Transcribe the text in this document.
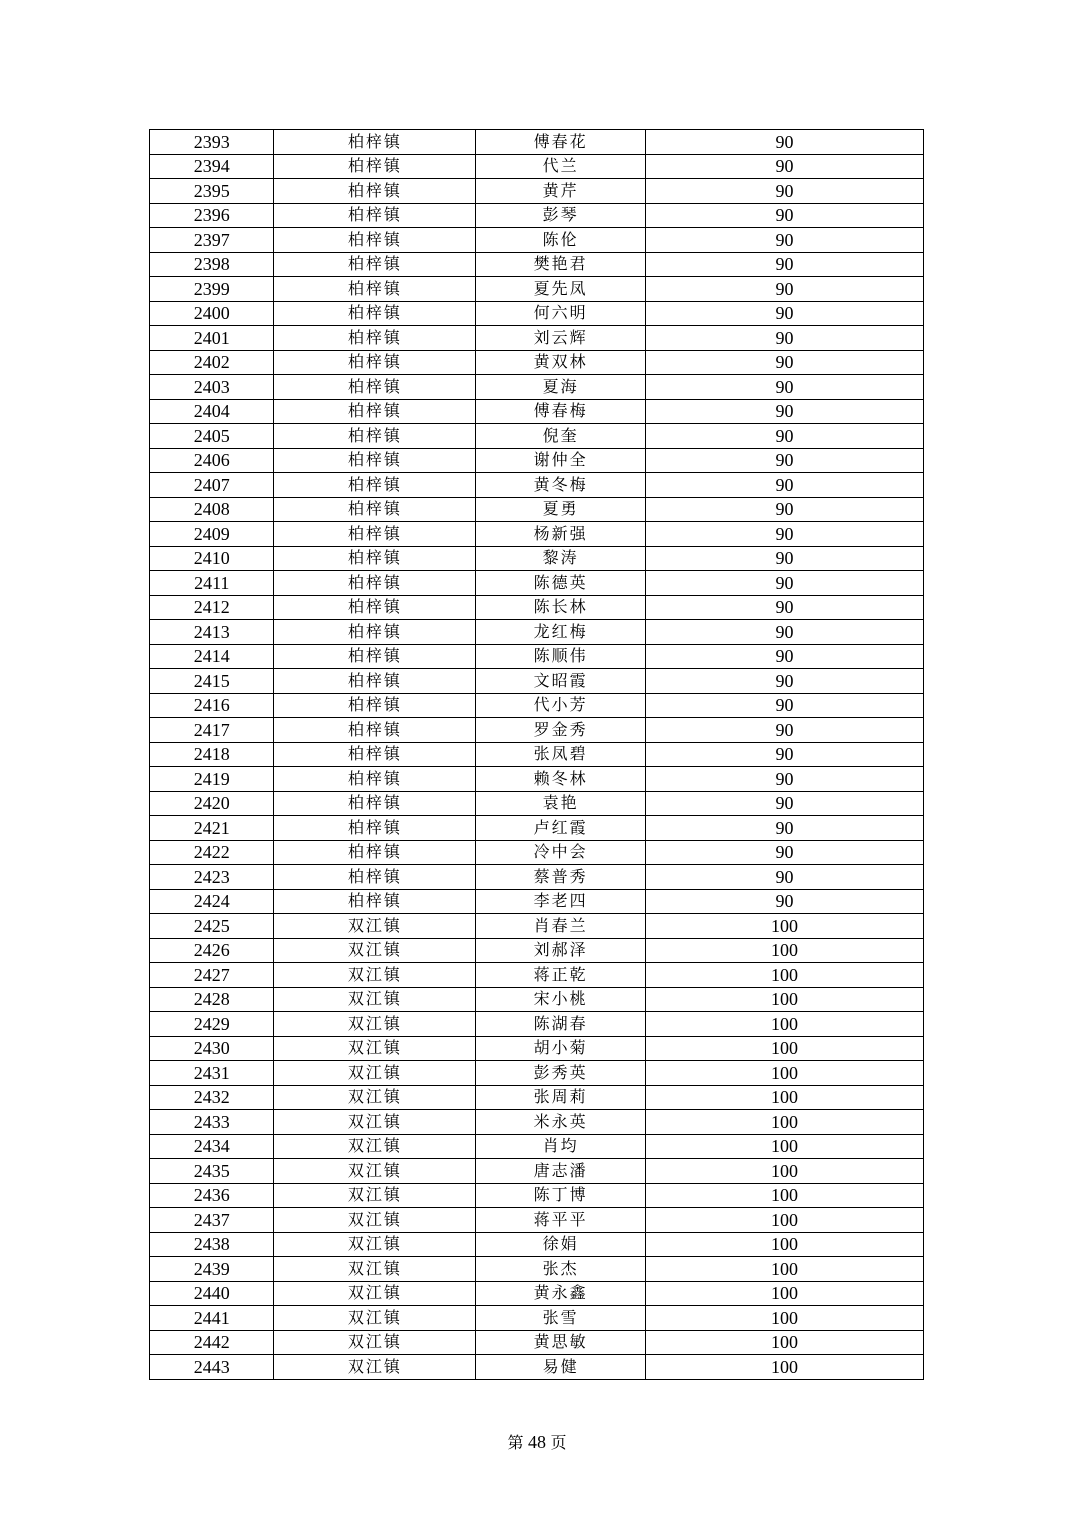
2393	柏梓镇	傅春花	90
2394	柏梓镇	代兰	90
2395	柏梓镇	黄芹	90
2396	柏梓镇	彭琴	90
2397	柏梓镇	陈伦	90
2398	柏梓镇	樊艳君	90
2399	柏梓镇	夏先凤	90
2400	柏梓镇	何六明	90
2401	柏梓镇	刘云辉	90
2402	柏梓镇	黄双林	90
2403	柏梓镇	夏海	90
2404	柏梓镇	傅春梅	90
2405	柏梓镇	倪奎	90
2406	柏梓镇	谢仲全	90
2407	柏梓镇	黄冬梅	90
2408	柏梓镇	夏勇	90
2409	柏梓镇	杨新强	90
2410	柏梓镇	黎涛	90
2411	柏梓镇	陈德英	90
2412	柏梓镇	陈长林	90
2413	柏梓镇	龙红梅	90
2414	柏梓镇	陈顺伟	90
2415	柏梓镇	文昭霞	90
2416	柏梓镇	代小芳	90
2417	柏梓镇	罗金秀	90
2418	柏梓镇	张凤碧	90
2419	柏梓镇	赖冬林	90
2420	柏梓镇	袁艳	90
2421	柏梓镇	卢红霞	90
2422	柏梓镇	冷中会	90
2423	柏梓镇	蔡普秀	90
2424	柏梓镇	李老四	90
2425	双江镇	肖春兰	100
2426	双江镇	刘郝泽	100
2427	双江镇	蒋正乾	100
2428	双江镇	宋小桃	100
2429	双江镇	陈湖春	100
2430	双江镇	胡小菊	100
2431	双江镇	彭秀英	100
2432	双江镇	张周莉	100
2433	双江镇	米永英	100
2434	双江镇	肖均	100
2435	双江镇	唐志潘	100
2436	双江镇	陈丁博	100
2437	双江镇	蒋平平	100
2438	双江镇	徐娟	100
2439	双江镇	张杰	100
2440	双江镇	黄永鑫	100
2441	双江镇	张雪	100
2442	双江镇	黄思敏	100
2443	双江镇	易健	100
第 48 页
